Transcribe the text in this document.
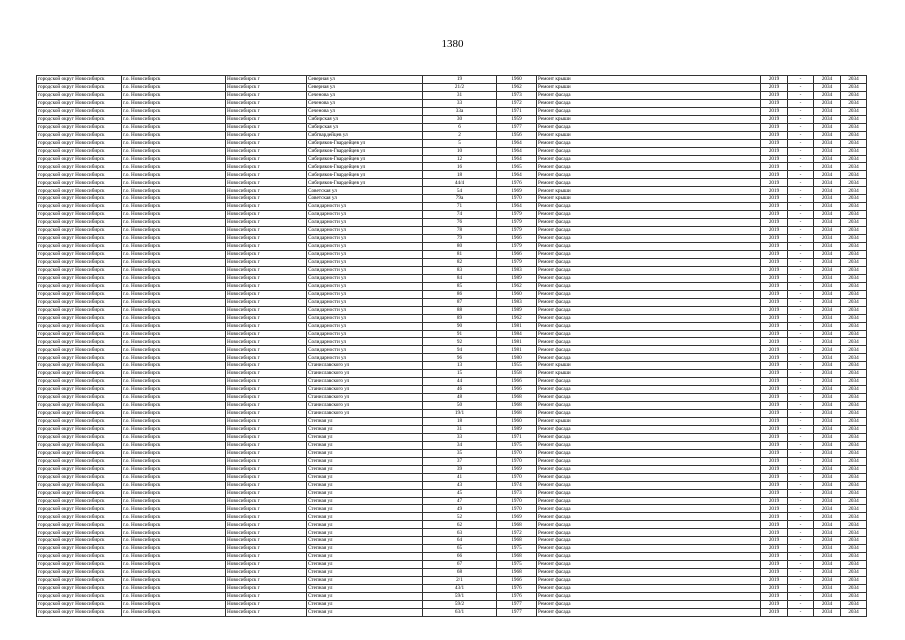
1380
городской округ Новосибирск	г.о. Новосибирск	Новосибирск г	Северная ул	19	1960	Ремонт крыши	2019	-	2034	2034
городской округ Новосибирск	г.о. Новосибирск	Новосибирск г	Северная ул	21/2	1962	Ремонт крыши	2019	-	2034	2034
городской округ Новосибирск	г.о. Новосибирск	Новосибирск г	Сеченова ул	31	1973	Ремонт фасада	2019	-	2034	2034
городской округ Новосибирск	г.о. Новосибирск	Новосибирск г	Сеченова ул	33	1972	Ремонт фасада	2019	-	2034	2034
городской округ Новосибирск	г.о. Новосибирск	Новосибирск г	Сеченова ул	33а	1971	Ремонт фасада	2019	-	2034	2034
городской округ Новосибирск	г.о. Новосибирск	Новосибирск г	Сибирская ул	30	1959	Ремонт крыши	2019	-	2034	2034
городской округ Новосибирск	г.о. Новосибирск	Новосибирск г	Сибирская ул	6	1977	Ремонт фасада	2019	-	2034	2034
городской округ Новосибирск	г.о. Новосибирск	Новосибирск г	Сибгвардейцев ул	2	1956	Ремонт крыши	2019	-	2034	2034
городской округ Новосибирск	г.о. Новосибирск	Новосибирск г	Сибиряков-Гвардейцев ул	5	1964	Ремонт фасада	2019	-	2034	2034
городской округ Новосибирск	г.о. Новосибирск	Новосибирск г	Сибиряков-Гвардейцев ул	10	1964	Ремонт фасада	2019	-	2034	2034
городской округ Новосибирск	г.о. Новосибирск	Новосибирск г	Сибиряков-Гвардейцев ул	12	1964	Ремонт фасада	2019	-	2034	2034
городской округ Новосибирск	г.о. Новосибирск	Новосибирск г	Сибиряков-Гвардейцев ул	16	1965	Ремонт фасада	2019	-	2034	2034
городской округ Новосибирск	г.о. Новосибирск	Новосибирск г	Сибиряков-Гвардейцев ул	18	1964	Ремонт фасада	2019	-	2034	2034
городской округ Новосибирск	г.о. Новосибирск	Новосибирск г	Сибиряков-Гвардейцев ул	44/4	1976	Ремонт фасада	2019	-	2034	2034
городской округ Новосибирск	г.о. Новосибирск	Новосибирск г	Советская ул	54	1969	Ремонт крыши	2019	-	2034	2034
городской округ Новосибирск	г.о. Новосибирск	Новосибирск г	Советская ул	79а	1970	Ремонт крыши	2019	-	2034	2034
городской округ Новосибирск	г.о. Новосибирск	Новосибирск г	Солидарности ул	71	1964	Ремонт фасада	2019	-	2034	2034
городской округ Новосибирск	г.о. Новосибирск	Новосибирск г	Солидарности ул	74	1979	Ремонт фасада	2019	-	2034	2034
городской округ Новосибирск	г.о. Новосибирск	Новосибирск г	Солидарности ул	76	1979	Ремонт фасада	2019	-	2034	2034
городской округ Новосибирск	г.о. Новосибирск	Новосибирск г	Солидарности ул	78	1979	Ремонт фасада	2019	-	2034	2034
городской округ Новосибирск	г.о. Новосибирск	Новосибирск г	Солидарности ул	79	1966	Ремонт фасада	2019	-	2034	2034
городской округ Новосибирск	г.о. Новосибирск	Новосибирск г	Солидарности ул	80	1979	Ремонт фасада	2019	-	2034	2034
городской округ Новосибирск	г.о. Новосибирск	Новосибирск г	Солидарности ул	81	1966	Ремонт фасада	2019	-	2034	2034
городской округ Новосибирск	г.о. Новосибирск	Новосибирск г	Солидарности ул	82	1979	Ремонт фасада	2019	-	2034	2034
городской округ Новосибирск	г.о. Новосибирск	Новосибирск г	Солидарности ул	83	1983	Ремонт фасада	2019	-	2034	2034
городской округ Новосибирск	г.о. Новосибирск	Новосибирск г	Солидарности ул	84	1989	Ремонт фасада	2019	-	2034	2034
городской округ Новосибирск	г.о. Новосибирск	Новосибирск г	Солидарности ул	85	1962	Ремонт фасада	2019	-	2034	2034
городской округ Новосибирск	г.о. Новосибирск	Новосибирск г	Солидарности ул	86	1960	Ремонт фасада	2019	-	2034	2034
городской округ Новосибирск	г.о. Новосибирск	Новосибирск г	Солидарности ул	87	1983	Ремонт фасада	2019	-	2034	2034
городской округ Новосибирск	г.о. Новосибирск	Новосибирск г	Солидарности ул	88	1989	Ремонт фасада	2019	-	2034	2034
городской округ Новосибирск	г.о. Новосибирск	Новосибирск г	Солидарности ул	89	1962	Ремонт фасада	2019	-	2034	2034
городской округ Новосибирск	г.о. Новосибирск	Новосибирск г	Солидарности ул	90	1981	Ремонт фасада	2019	-	2034	2034
городской округ Новосибирск	г.о. Новосибирск	Новосибирск г	Солидарности ул	91	1984	Ремонт фасада	2019	-	2034	2034
городской округ Новосибирск	г.о. Новосибирск	Новосибирск г	Солидарности ул	92	1981	Ремонт фасада	2019	-	2034	2034
городской округ Новосибирск	г.о. Новосибирск	Новосибирск г	Солидарности ул	94	1981	Ремонт фасада	2019	-	2034	2034
городской округ Новосибирск	г.о. Новосибирск	Новосибирск г	Солидарности ул	96	1980	Ремонт фасада	2019	-	2034	2034
городской округ Новосибирск	г.о. Новосибирск	Новосибирск г	Станиславского ул	13	1955	Ремонт крыши	2019	-	2034	2034
городской округ Новосибирск	г.о. Новосибирск	Новосибирск г	Станиславского ул	15	1958	Ремонт крыши	2019	-	2034	2034
городской округ Новосибирск	г.о. Новосибирск	Новосибирск г	Станиславского ул	44	1966	Ремонт фасада	2019	-	2034	2034
городской округ Новосибирск	г.о. Новосибирск	Новосибирск г	Станиславского ул	46	1966	Ремонт фасада	2019	-	2034	2034
городской округ Новосибирск	г.о. Новосибирск	Новосибирск г	Станиславского ул	48	1968	Ремонт фасада	2019	-	2034	2034
городской округ Новосибирск	г.о. Новосибирск	Новосибирск г	Станиславского ул	50	1968	Ремонт фасада	2019	-	2034	2034
городской округ Новосибирск	г.о. Новосибирск	Новосибирск г	Станиславского ул	19/1	1968	Ремонт фасада	2019	-	2034	2034
городской округ Новосибирск	г.о. Новосибирск	Новосибирск г	Степная ул	18	1960	Ремонт крыши	2019	-	2034	2034
городской округ Новосибирск	г.о. Новосибирск	Новосибирск г	Степная ул	31	1989	Ремонт фасада	2019	-	2034	2034
городской округ Новосибирск	г.о. Новосибирск	Новосибирск г	Степная ул	33	1971	Ремонт фасада	2019	-	2034	2034
городской округ Новосибирск	г.о. Новосибирск	Новосибирск г	Степная ул	34	1975	Ремонт фасада	2019	-	2034	2034
городской округ Новосибирск	г.о. Новосибирск	Новосибирск г	Степная ул	35	1970	Ремонт фасада	2019	-	2034	2034
городской округ Новосибирск	г.о. Новосибирск	Новосибирск г	Степная ул	37	1970	Ремонт фасада	2019	-	2034	2034
городской округ Новосибирск	г.о. Новосибирск	Новосибирск г	Степная ул	39	1969	Ремонт фасада	2019	-	2034	2034
городской округ Новосибирск	г.о. Новосибирск	Новосибирск г	Степная ул	41	1970	Ремонт фасада	2019	-	2034	2034
городской округ Новосибирск	г.о. Новосибирск	Новосибирск г	Степная ул	43	1974	Ремонт фасада	2019	-	2034	2034
городской округ Новосибирск	г.о. Новосибирск	Новосибирск г	Степная ул	45	1973	Ремонт фасада	2019	-	2034	2034
городской округ Новосибирск	г.о. Новосибирск	Новосибирск г	Степная ул	47	1970	Ремонт фасада	2019	-	2034	2034
городской округ Новосибирск	г.о. Новосибирск	Новосибирск г	Степная ул	49	1970	Ремонт фасада	2019	-	2034	2034
городской округ Новосибирск	г.о. Новосибирск	Новосибирск г	Степная ул	52	1969	Ремонт фасада	2019	-	2034	2034
городской округ Новосибирск	г.о. Новосибирск	Новосибирск г	Степная ул	62	1968	Ремонт фасада	2019	-	2034	2034
городской округ Новосибирск	г.о. Новосибирск	Новосибирск г	Степная ул	63	1972	Ремонт фасада	2019	-	2034	2034
городской округ Новосибирск	г.о. Новосибирск	Новосибирск г	Степная ул	64	1968	Ремонт фасада	2019	-	2034	2034
городской округ Новосибирск	г.о. Новосибирск	Новосибирск г	Степная ул	65	1975	Ремонт фасада	2019	-	2034	2034
городской округ Новосибирск	г.о. Новосибирск	Новосибирск г	Степная ул	66	1968	Ремонт фасада	2019	-	2034	2034
городской округ Новосибирск	г.о. Новосибирск	Новосибирск г	Степная ул	67	1975	Ремонт фасада	2019	-	2034	2034
городской округ Новосибирск	г.о. Новосибирск	Новосибирск г	Степная ул	68	1968	Ремонт фасада	2019	-	2034	2034
городской округ Новосибирск	г.о. Новосибирск	Новосибирск г	Степная ул	2/1	1966	Ремонт фасада	2019	-	2034	2034
городской округ Новосибирск	г.о. Новосибирск	Новосибирск г	Степная ул	43/1	1976	Ремонт фасада	2019	-	2034	2034
городской округ Новосибирск	г.о. Новосибирск	Новосибирск г	Степная ул	59/1	1976	Ремонт фасада	2019	-	2034	2034
городской округ Новосибирск	г.о. Новосибирск	Новосибирск г	Степная ул	59/2	1977	Ремонт фасада	2019	-	2034	2034
городской округ Новосибирск	г.о. Новосибирск	Новосибирск г	Степная ул	63/1	1977	Ремонт фасада	2019	-	2034	2034
